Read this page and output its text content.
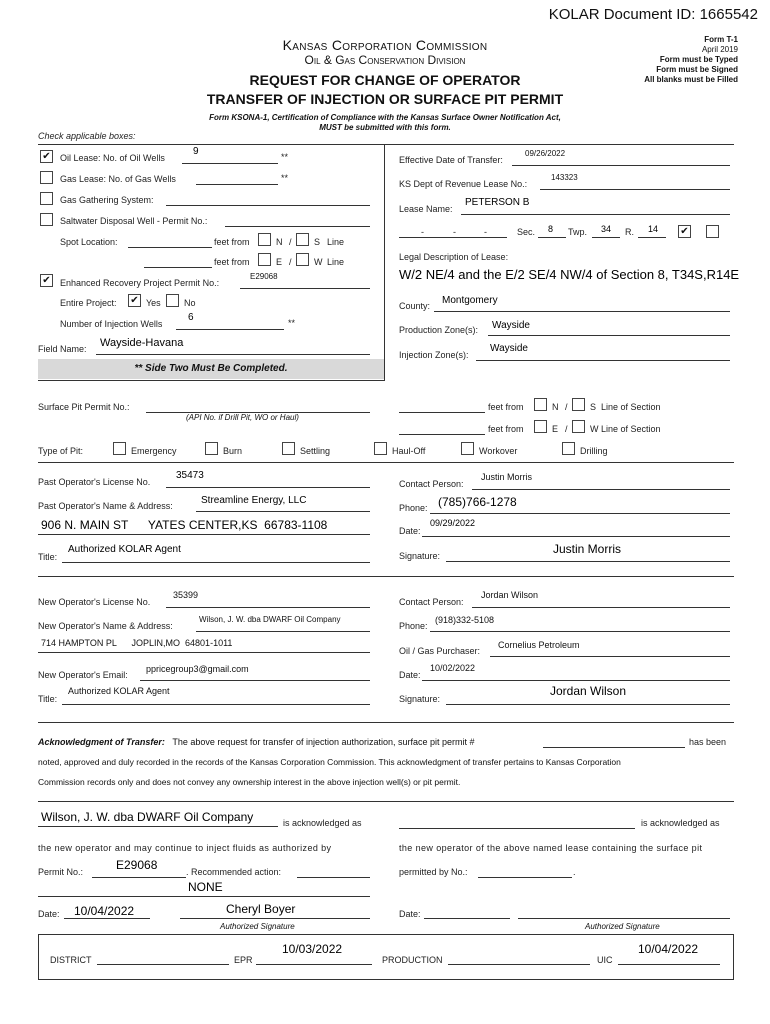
KOLAR Document ID: 1665542
Kansas Corporation Commission
Oil & Gas Conservation Division
Form T-1
April 2019
Form must be Typed
Form must be Signed
All blanks must be Filled
REQUEST FOR CHANGE OF OPERATOR
TRANSFER OF INJECTION OR SURFACE PIT PERMIT
Form KSONA-1, Certification of Compliance with the Kansas Surface Owner Notification Act,
MUST be submitted with this form.
Check applicable boxes:
✔
Oil Lease: No. of Oil Wells
9	**
Gas Lease: No. of Gas Wells	**
Gas Gathering System:
Saltwater Disposal Well - Permit No.:
Spot Location:	feet from	N / S Line
feet from	E / W Line
✔
Enhanced Recovery Project Permit No.:
E29068
Entire Project:
✔	Yes	No
Number of Injection Wells
6	**
Field Name: Wayside-Havana
** Side Two Must Be Completed.
Effective Date of Transfer:
09/26/2022
KS Dept of Revenue Lease No.:
143323
Lease Name:
PETERSON B
-	-	-	Sec. 8 Twp. 34 R. 14
✔
Legal Description of Lease:
W/2 NE/4 and the E/2 SE/4 NW/4 of Section 8, T34S,R14E
County: Montgomery
Production Zone(s): Wayside
Injection Zone(s):
Wayside
Surface Pit Permit No.:
(API No. if Drill Pit, WO or Haul)
feet from	N / S Line of Section
feet from	E / W Line of Section
Type of Pit:	Emergency	Burn	Settling	Haul-Off	Workover	Drilling
Past Operator's License No.
35473
Past Operator's Name & Address:	Streamline Energy, LLC
906 N. MAIN ST      YATES CENTER,KS  66783-1108
Title:
Authorized KOLAR Agent
Contact Person:
Justin Morris
Phone: (785)766-1278
Date:
09/29/2022
Signature:	Justin Morris
New Operator's License No.
35399
New Operator's Name & Address:
Wilson, J. W. dba DWARF Oil Company
714 HAMPTON PL      JOPLIN,MO  64801-1011
New Operator's Email:
ppricegroup3@gmail.com
Title:
Authorized KOLAR Agent
Contact Person:
Jordan Wilson
Phone:
(918)332-5108
Oil / Gas Purchaser:
Cornelius Petroleum
Date:
10/02/2022
Signature:
Jordan Wilson
Acknowledgment of Transfer: The above request for transfer of injection authorization, surface pit permit #	has been
noted, approved and duly recorded in the records of the Kansas Corporation Commission. This acknowledgment of transfer pertains to Kansas Corporation
Commission records only and does not convey any ownership interest in the above injection well(s) or pit permit.
Wilson, J. W. dba DWARF Oil Company	is acknowledged as	is acknowledged as
the new operator and may continue to inject fluids as authorized by	the new operator of the above named lease containing the surface pit
Permit No.:	E29068	. Recommended action:
NONE
permitted by No.:	.
Date: 10/04/2022	Cheryl Boyer
Authorized Signature
Date:
Authorized Signature
DISTRICT	EPR
10/03/2022
PRODUCTION	UIC
10/04/2022
